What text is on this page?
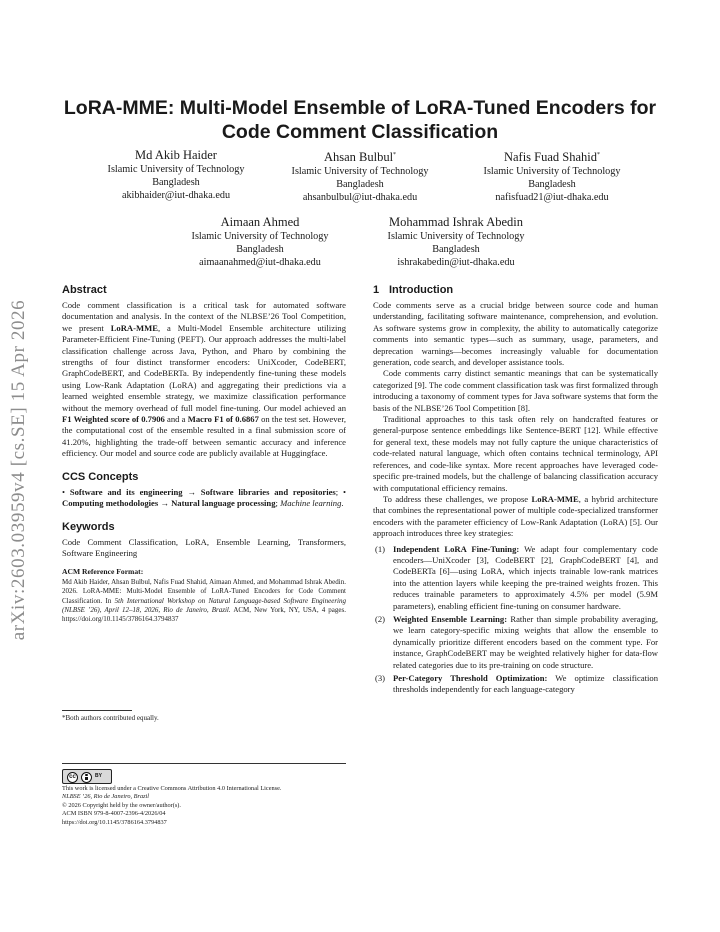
arXiv:2603.03959v4 [cs.SE] 15 Apr 2026
LoRA-MME: Multi-Model Ensemble of LoRA-Tuned Encoders for Code Comment Classification
Md Akib Haider
Islamic University of Technology
Bangladesh
akibhaider@iut-dhaka.edu
Ahsan Bulbul*
Islamic University of Technology
Bangladesh
ahsanbulbul@iut-dhaka.edu
Nafis Fuad Shahid*
Islamic University of Technology
Bangladesh
nafisfuad21@iut-dhaka.edu
Aimaan Ahmed
Islamic University of Technology
Bangladesh
aimaanahmed@iut-dhaka.edu
Mohammad Ishrak Abedin
Islamic University of Technology
Bangladesh
ishrakabedin@iut-dhaka.edu
Abstract

Code comment classification is a critical task for automated software documentation and analysis. In the context of the NLBSE’26 Tool Competition, we present LoRA-MME, a Multi-Model Ensemble architecture utilizing Parameter-Efficient Fine-Tuning (PEFT). Our approach addresses the multi-label classification challenge across Java, Python, and Pharo by combining the strengths of four distinct transformer encoders: UniXcoder, CodeBERT, GraphCodeBERT, and CodeBERTa. By independently fine-tuning these models using Low-Rank Adaptation (LoRA) and aggregating their predictions via a learned weighted ensemble strategy, we maximize classification performance without the memory overhead of full model fine-tuning. Our model achieved an F1 Weighted score of 0.7906 and a Macro F1 of 0.6867 on the test set. However, the computational cost of the ensemble resulted in a final submission score of 41.20%, highlighting the trade-off between semantic accuracy and inference efficiency. Our model and source code are publicly available at Huggingface.

CCS Concepts

• Software and its engineering → Software libraries and repositories; • Computing methodologies → Natural language processing; Machine learning.

Keywords

Code Comment Classification, LoRA, Ensemble Learning, Transformers, Software Engineering

ACM Reference Format:

Md Akib Haider, Ahsan Bulbul, Nafis Fuad Shahid, Aimaan Ahmed, and Mohammad Ishrak Abedin. 2026. LoRA-MME: Multi-Model Ensemble of LoRA-Tuned Encoders for Code Comment Classification. In 5th International Workshop on Natural Language-based Software Engineering (NLBSE ’26), April 12–18, 2026, Rio de Janeiro, Brazil. ACM, New York, NY, USA, 4 pages. https://doi.org/10.1145/3786164.3794837
*Both authors contributed equally.
cc	BY
This work is licensed under a Creative Commons Attribution 4.0 International License.
NLBSE ’26, Rio de Janeiro, Brazil
© 2026 Copyright held by the owner/author(s).
ACM ISBN 979-8-4007-2396-4/2026/04
https://doi.org/10.1145/3786164.3794837
1 Introduction

Code comments serve as a crucial bridge between source code and human understanding, facilitating software maintenance, comprehension, and evolution. As software systems grow in complexity, the ability to automatically categorize comments into semantic types—such as summary, usage, parameters, and deprecation warnings—becomes increasingly valuable for documentation generation, code search, and developer assistance tools.

Code comments carry distinct semantic meanings that can be systematically categorized [9]. The code comment classification task was first formalized through introducing a taxonomy of comment types for Java software systems that form the basis of the NLBSE’26 Tool Competition [8].

Traditional approaches to this task often rely on handcrafted features or general-purpose sentence embeddings like Sentence-BERT [12]. While effective for general text, these models may not fully capture the unique characteristics of code-related natural language, which often contains technical terminology, API references, and code-like syntax. More recent approaches have leveraged code-specific pre-trained models, but the challenge of balancing classification accuracy with computational efficiency remains.

To address these challenges, we propose LoRA-MME, a hybrid architecture that combines the representational power of multiple code-specialized transformer encoders with the parameter efficiency of Low-Rank Adaptation (LoRA) [5]. Our approach introduces three key strategies:

(1) Independent LoRA Fine-Tuning: We adapt four complementary code encoders—UniXcoder [3], CodeBERT [2], GraphCodeBERT [4], and CodeBERTa [6]—using LoRA, which injects trainable low-rank matrices into the attention layers while keeping the pre-trained weights frozen. This reduces trainable parameters to approximately 4.5% per model (5.9M parameters), enabling efficient fine-tuning on consumer hardware.
(2) Weighted Ensemble Learning: Rather than simple probability averaging, we learn category-specific mixing weights that allow the ensemble to dynamically prioritize different encoders based on the comment type. For instance, GraphCodeBERT may be weighted relatively higher for data-flow related categories due to its pre-training on code structure.
(3) Per-Category Threshold Optimization: We optimize classification thresholds independently for each language-category
